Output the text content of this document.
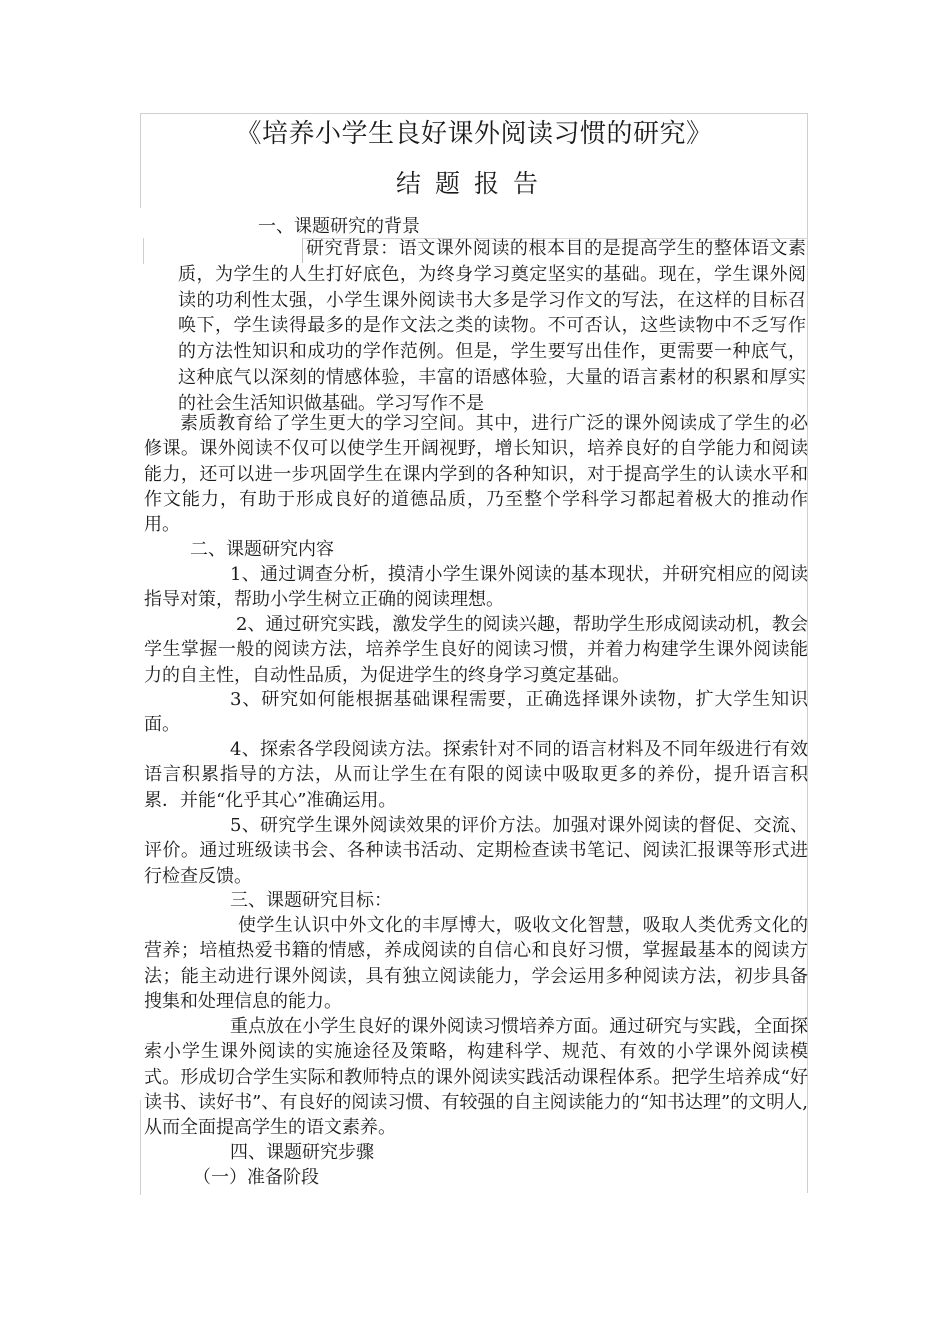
《培养小学生良好课外阅读习惯的研究》
结题报告
一、课题研究的背景

研究背景：语文课外阅读的根本目的是提高学生的整体语文素质，为学生的人生打好底色，为终身学习奠定坚实的基础。现在，学生课外阅读的功利性太强，小学生课外阅读书大多是学习作文的写法，在这样的目标召唤下，学生读得最多的是作文法之类的读物。不可否认，这些读物中不乏写作的方法性知识和成功的学作范例。但是，学生要写出佳作，更需要一种底气，这种底气以深刻的情感体验，丰富的语感体验，大量的语言素材的积累和厚实的社会生活知识做基础。学习写作不是

素质教育给了学生更大的学习空间。其中，进行广泛的课外阅读成了学生的必修课。课外阅读不仅可以使学生开阔视野，增长知识，培养良好的自学能力和阅读能力，还可以进一步巩固学生在课内学到的各种知识，对于提高学生的认读水平和作文能力，有助于形成良好的道德品质，乃至整个学科学习都起着极大的推动作用。

二、课题研究内容

1、通过调查分析，摸清小学生课外阅读的基本现状，并研究相应的阅读指导对策，帮助小学生树立正确的阅读理想。

2、通过研究实践，激发学生的阅读兴趣，帮助学生形成阅读动机，教会学生掌握一般的阅读方法，培养学生良好的阅读习惯，并着力构建学生课外阅读能力的自主性，自动性品质，为促进学生的终身学习奠定基础。

3、研究如何能根据基础课程需要，正确选择课外读物，扩大学生知识面。

4、探索各学段阅读方法。探索针对不同的语言材料及不同年级进行有效语言积累指导的方法，从而让学生在有限的阅读中吸取更多的养份，提升语言积累．并能“化乎其心”准确运用。

5、研究学生课外阅读效果的评价方法。加强对课外阅读的督促、交流、评价。通过班级读书会、各种读书活动、定期检查读书笔记、阅读汇报课等形式进行检查反馈。

三、课题研究目标：

使学生认识中外文化的丰厚博大，吸收文化智慧，吸取人类优秀文化的营养；培植热爱书籍的情感，养成阅读的自信心和良好习惯，掌握最基本的阅读方法；能主动进行课外阅读，具有独立阅读能力，学会运用多种阅读方法，初步具备搜集和处理信息的能力。

重点放在小学生良好的课外阅读习惯培养方面。通过研究与实践，全面探索小学生课外阅读的实施途径及策略，构建科学、规范、有效的小学课外阅读模式。形成切合学生实际和教师特点的课外阅读实践活动课程体系。把学生培养成“好读书、读好书”、有良好的阅读习惯、有较强的自主阅读能力的“知书达理”的文明人,从而全面提高学生的语文素养。

四、课题研究步骤
（一）准备阶段
